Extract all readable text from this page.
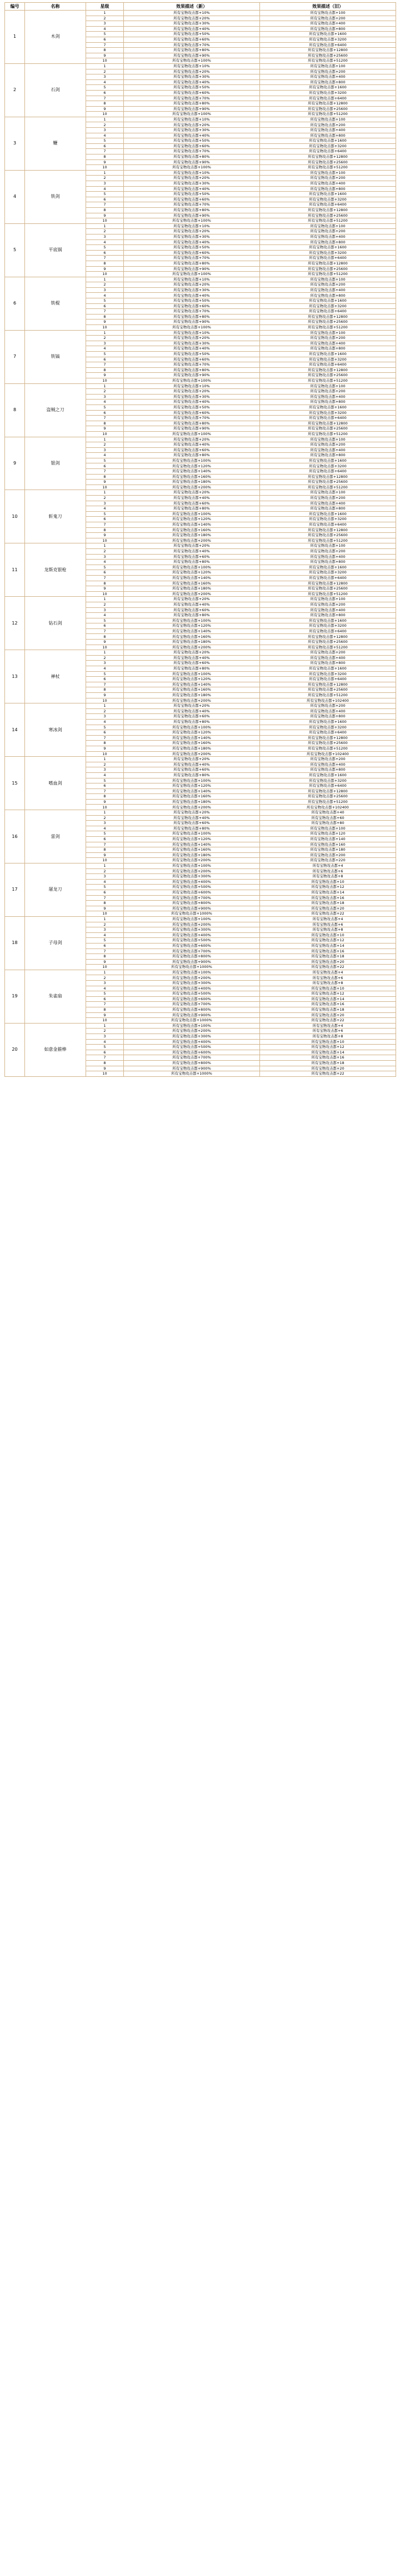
编号	名称	星级	效果描述（新）	效果描述（旧）
1	木剑	1	所有宝物攻击都+10%	所有宝物攻击都+100
		2	所有宝物攻击都+20%	所有宝物攻击都+200
		3	所有宝物攻击都+30%	所有宝物攻击都+400
		4	所有宝物攻击都+40%	所有宝物攻击都+800
		5	所有宝物攻击都+50%	所有宝物攻击都+1600
		6	所有宝物攻击都+60%	所有宝物攻击都+3200
		7	所有宝物攻击都+70%	所有宝物攻击都+6400
		8	所有宝物攻击都+80%	所有宝物攻击都+12800
		9	所有宝物攻击都+90%	所有宝物攻击都+25600
		10	所有宝物攻击都+100%	所有宝物攻击都+51200
2	石剑	1	所有宝物攻击都+10%	所有宝物攻击都+100
		2	所有宝物攻击都+20%	所有宝物攻击都+200
		3	所有宝物攻击都+30%	所有宝物攻击都+400
		4	所有宝物攻击都+40%	所有宝物攻击都+800
		5	所有宝物攻击都+50%	所有宝物攻击都+1600
		6	所有宝物攻击都+60%	所有宝物攻击都+3200
		7	所有宝物攻击都+70%	所有宝物攻击都+6400
		8	所有宝物攻击都+80%	所有宝物攻击都+12800
		9	所有宝物攻击都+90%	所有宝物攻击都+25600
		10	所有宝物攻击都+100%	所有宝物攻击都+51200
3	鞭	1	所有宝物攻击都+10%	所有宝物攻击都+100
		2	所有宝物攻击都+20%	所有宝物攻击都+200
		3	所有宝物攻击都+30%	所有宝物攻击都+400
		4	所有宝物攻击都+40%	所有宝物攻击都+800
		5	所有宝物攻击都+50%	所有宝物攻击都+1600
		6	所有宝物攻击都+60%	所有宝物攻击都+3200
		7	所有宝物攻击都+70%	所有宝物攻击都+6400
		8	所有宝物攻击都+80%	所有宝物攻击都+12800
		9	所有宝物攻击都+90%	所有宝物攻击都+25600
		10	所有宝物攻击都+100%	所有宝物攻击都+51200
4	铁剑	1	所有宝物攻击都+10%	所有宝物攻击都+100
		2	所有宝物攻击都+20%	所有宝物攻击都+200
		3	所有宝物攻击都+30%	所有宝物攻击都+400
		4	所有宝物攻击都+40%	所有宝物攻击都+800
		5	所有宝物攻击都+50%	所有宝物攻击都+1600
		6	所有宝物攻击都+60%	所有宝物攻击都+3200
		7	所有宝物攻击都+70%	所有宝物攻击都+6400
		8	所有宝物攻击都+80%	所有宝物攻击都+12800
		9	所有宝物攻击都+90%	所有宝物攻击都+25600
		10	所有宝物攻击都+100%	所有宝物攻击都+51200
5	平底锅	1	所有宝物攻击都+10%	所有宝物攻击都+100
		2	所有宝物攻击都+20%	所有宝物攻击都+200
		3	所有宝物攻击都+30%	所有宝物攻击都+400
		4	所有宝物攻击都+40%	所有宝物攻击都+800
		5	所有宝物攻击都+50%	所有宝物攻击都+1600
		6	所有宝物攻击都+60%	所有宝物攻击都+3200
		7	所有宝物攻击都+70%	所有宝物攻击都+6400
		8	所有宝物攻击都+80%	所有宝物攻击都+12800
		9	所有宝物攻击都+90%	所有宝物攻击都+25600
		10	所有宝物攻击都+100%	所有宝物攻击都+51200
6	铁棍	1	所有宝物攻击都+10%	所有宝物攻击都+100
		2	所有宝物攻击都+20%	所有宝物攻击都+200
		3	所有宝物攻击都+30%	所有宝物攻击都+400
		4	所有宝物攻击都+40%	所有宝物攻击都+800
		5	所有宝物攻击都+50%	所有宝物攻击都+1600
		6	所有宝物攻击都+60%	所有宝物攻击都+3200
		7	所有宝物攻击都+70%	所有宝物攻击都+6400
		8	所有宝物攻击都+80%	所有宝物攻击都+12800
		9	所有宝物攻击都+90%	所有宝物攻击都+25600
		10	所有宝物攻击都+100%	所有宝物攻击都+51200
7	铁镐	1	所有宝物攻击都+10%	所有宝物攻击都+100
		2	所有宝物攻击都+20%	所有宝物攻击都+200
		3	所有宝物攻击都+30%	所有宝物攻击都+400
		4	所有宝物攻击都+40%	所有宝物攻击都+800
		5	所有宝物攻击都+50%	所有宝物攻击都+1600
		6	所有宝物攻击都+60%	所有宝物攻击都+3200
		7	所有宝物攻击都+70%	所有宝物攻击都+6400
		8	所有宝物攻击都+80%	所有宝物攻击都+12800
		9	所有宝物攻击都+90%	所有宝物攻击都+25600
		10	所有宝物攻击都+100%	所有宝物攻击都+51200
8	盗贼之刀	1	所有宝物攻击都+10%	所有宝物攻击都+100
		2	所有宝物攻击都+20%	所有宝物攻击都+200
		3	所有宝物攻击都+30%	所有宝物攻击都+400
		4	所有宝物攻击都+40%	所有宝物攻击都+800
		5	所有宝物攻击都+50%	所有宝物攻击都+1600
		6	所有宝物攻击都+60%	所有宝物攻击都+3200
		7	所有宝物攻击都+70%	所有宝物攻击都+6400
		8	所有宝物攻击都+80%	所有宝物攻击都+12800
		9	所有宝物攻击都+90%	所有宝物攻击都+25600
		10	所有宝物攻击都+100%	所有宝物攻击都+51200
9	银剑	1	所有宝物攻击都+20%	所有宝物攻击都+100
		2	所有宝物攻击都+40%	所有宝物攻击都+200
		3	所有宝物攻击都+60%	所有宝物攻击都+400
		4	所有宝物攻击都+80%	所有宝物攻击都+800
		5	所有宝物攻击都+100%	所有宝物攻击都+1600
		6	所有宝物攻击都+120%	所有宝物攻击都+3200
		7	所有宝物攻击都+140%	所有宝物攻击都+6400
		8	所有宝物攻击都+160%	所有宝物攻击都+12800
		9	所有宝物攻击都+180%	所有宝物攻击都+25600
		10	所有宝物攻击都+200%	所有宝物攻击都+51200
10	斩鬼刀	1	所有宝物攻击都+20%	所有宝物攻击都+100
		2	所有宝物攻击都+40%	所有宝物攻击都+200
		3	所有宝物攻击都+60%	所有宝物攻击都+400
		4	所有宝物攻击都+80%	所有宝物攻击都+800
		5	所有宝物攻击都+100%	所有宝物攻击都+1600
		6	所有宝物攻击都+120%	所有宝物攻击都+3200
		7	所有宝物攻击都+140%	所有宝物攻击都+6400
		8	所有宝物攻击都+160%	所有宝物攻击都+12800
		9	所有宝物攻击都+180%	所有宝物攻击都+25600
		10	所有宝物攻击都+200%	所有宝物攻击都+51200
11	龙斯克银枪	1	所有宝物攻击都+20%	所有宝物攻击都+100
		2	所有宝物攻击都+40%	所有宝物攻击都+200
		3	所有宝物攻击都+60%	所有宝物攻击都+400
		4	所有宝物攻击都+80%	所有宝物攻击都+800
		5	所有宝物攻击都+100%	所有宝物攻击都+1600
		6	所有宝物攻击都+120%	所有宝物攻击都+3200
		7	所有宝物攻击都+140%	所有宝物攻击都+6400
		8	所有宝物攻击都+160%	所有宝物攻击都+12800
		9	所有宝物攻击都+180%	所有宝物攻击都+25600
		10	所有宝物攻击都+200%	所有宝物攻击都+51200
12	钻石剑	1	所有宝物攻击都+20%	所有宝物攻击都+100
		2	所有宝物攻击都+40%	所有宝物攻击都+200
		3	所有宝物攻击都+60%	所有宝物攻击都+400
		4	所有宝物攻击都+80%	所有宝物攻击都+800
		5	所有宝物攻击都+100%	所有宝物攻击都+1600
		6	所有宝物攻击都+120%	所有宝物攻击都+3200
		7	所有宝物攻击都+140%	所有宝物攻击都+6400
		8	所有宝物攻击都+160%	所有宝物攻击都+12800
		9	所有宝物攻击都+180%	所有宝物攻击都+25600
		10	所有宝物攻击都+200%	所有宝物攻击都+51200
13	禅杖	1	所有宝物攻击都+20%	所有宝物攻击都+200
		2	所有宝物攻击都+40%	所有宝物攻击都+400
		3	所有宝物攻击都+60%	所有宝物攻击都+800
		4	所有宝物攻击都+80%	所有宝物攻击都+1600
		5	所有宝物攻击都+100%	所有宝物攻击都+3200
		6	所有宝物攻击都+120%	所有宝物攻击都+6400
		7	所有宝物攻击都+140%	所有宝物攻击都+12800
		8	所有宝物攻击都+160%	所有宝物攻击都+25600
		9	所有宝物攻击都+180%	所有宝物攻击都+51200
		10	所有宝物攻击都+200%	所有宝物攻击都+102400
14	寒冰剑	1	所有宝物攻击都+20%	所有宝物攻击都+200
		2	所有宝物攻击都+40%	所有宝物攻击都+400
		3	所有宝物攻击都+60%	所有宝物攻击都+800
		4	所有宝物攻击都+80%	所有宝物攻击都+1600
		5	所有宝物攻击都+100%	所有宝物攻击都+3200
		6	所有宝物攻击都+120%	所有宝物攻击都+6400
		7	所有宝物攻击都+140%	所有宝物攻击都+12800
		8	所有宝物攻击都+160%	所有宝物攻击都+25600
		9	所有宝物攻击都+180%	所有宝物攻击都+51200
		10	所有宝物攻击都+200%	所有宝物攻击都+102400
15	嗜血剑	1	所有宝物攻击都+20%	所有宝物攻击都+200
		2	所有宝物攻击都+40%	所有宝物攻击都+400
		3	所有宝物攻击都+60%	所有宝物攻击都+800
		4	所有宝物攻击都+80%	所有宝物攻击都+1600
		5	所有宝物攻击都+100%	所有宝物攻击都+3200
		6	所有宝物攻击都+120%	所有宝物攻击都+6400
		7	所有宝物攻击都+140%	所有宝物攻击都+12800
		8	所有宝物攻击都+160%	所有宝物攻击都+25600
		9	所有宝物攻击都+180%	所有宝物攻击都+51200
		10	所有宝物攻击都+200%	所有宝物攻击都+102400
16	雷剑	1	所有宝物攻击都+20%	所有宝物攻击都+40
		2	所有宝物攻击都+40%	所有宝物攻击都+60
		3	所有宝物攻击都+60%	所有宝物攻击都+80
		4	所有宝物攻击都+80%	所有宝物攻击都+100
		5	所有宝物攻击都+100%	所有宝物攻击都+120
		6	所有宝物攻击都+120%	所有宝物攻击都+140
		7	所有宝物攻击都+140%	所有宝物攻击都+160
		8	所有宝物攻击都+160%	所有宝物攻击都+180
		9	所有宝物攻击都+180%	所有宝物攻击都+200
		10	所有宝物攻击都+200%	所有宝物攻击都+220
17	屠龙刀	1	所有宝物攻击都+100%	所有宝物攻击都+4
		2	所有宝物攻击都+200%	所有宝物攻击都+6
		3	所有宝物攻击都+300%	所有宝物攻击都+8
		4	所有宝物攻击都+400%	所有宝物攻击都+10
		5	所有宝物攻击都+500%	所有宝物攻击都+12
		6	所有宝物攻击都+600%	所有宝物攻击都+14
		7	所有宝物攻击都+700%	所有宝物攻击都+16
		8	所有宝物攻击都+800%	所有宝物攻击都+18
		9	所有宝物攻击都+900%	所有宝物攻击都+20
		10	所有宝物攻击都+1000%	所有宝物攻击都+22
18	子母剑	1	所有宝物攻击都+100%	所有宝物攻击都+4
		2	所有宝物攻击都+200%	所有宝物攻击都+6
		3	所有宝物攻击都+300%	所有宝物攻击都+8
		4	所有宝物攻击都+400%	所有宝物攻击都+10
		5	所有宝物攻击都+500%	所有宝物攻击都+12
		6	所有宝物攻击都+600%	所有宝物攻击都+14
		7	所有宝物攻击都+700%	所有宝物攻击都+16
		8	所有宝物攻击都+800%	所有宝物攻击都+18
		9	所有宝物攻击都+900%	所有宝物攻击都+20
		10	所有宝物攻击都+1000%	所有宝物攻击都+22
19	朱雀扇	1	所有宝物攻击都+100%	所有宝物攻击都+4
		2	所有宝物攻击都+200%	所有宝物攻击都+6
		3	所有宝物攻击都+300%	所有宝物攻击都+8
		4	所有宝物攻击都+400%	所有宝物攻击都+10
		5	所有宝物攻击都+500%	所有宝物攻击都+12
		6	所有宝物攻击都+600%	所有宝物攻击都+14
		7	所有宝物攻击都+700%	所有宝物攻击都+16
		8	所有宝物攻击都+800%	所有宝物攻击都+18
		9	所有宝物攻击都+900%	所有宝物攻击都+20
		10	所有宝物攻击都+1000%	所有宝物攻击都+22
20	如意金箍棒	1	所有宝物攻击都+100%	所有宝物攻击都+4
		2	所有宝物攻击都+200%	所有宝物攻击都+6
		3	所有宝物攻击都+300%	所有宝物攻击都+8
		4	所有宝物攻击都+400%	所有宝物攻击都+10
		5	所有宝物攻击都+500%	所有宝物攻击都+12
		6	所有宝物攻击都+600%	所有宝物攻击都+14
		7	所有宝物攻击都+700%	所有宝物攻击都+16
		8	所有宝物攻击都+800%	所有宝物攻击都+18
		9	所有宝物攻击都+900%	所有宝物攻击都+20
		10	所有宝物攻击都+1000%	所有宝物攻击都+22
